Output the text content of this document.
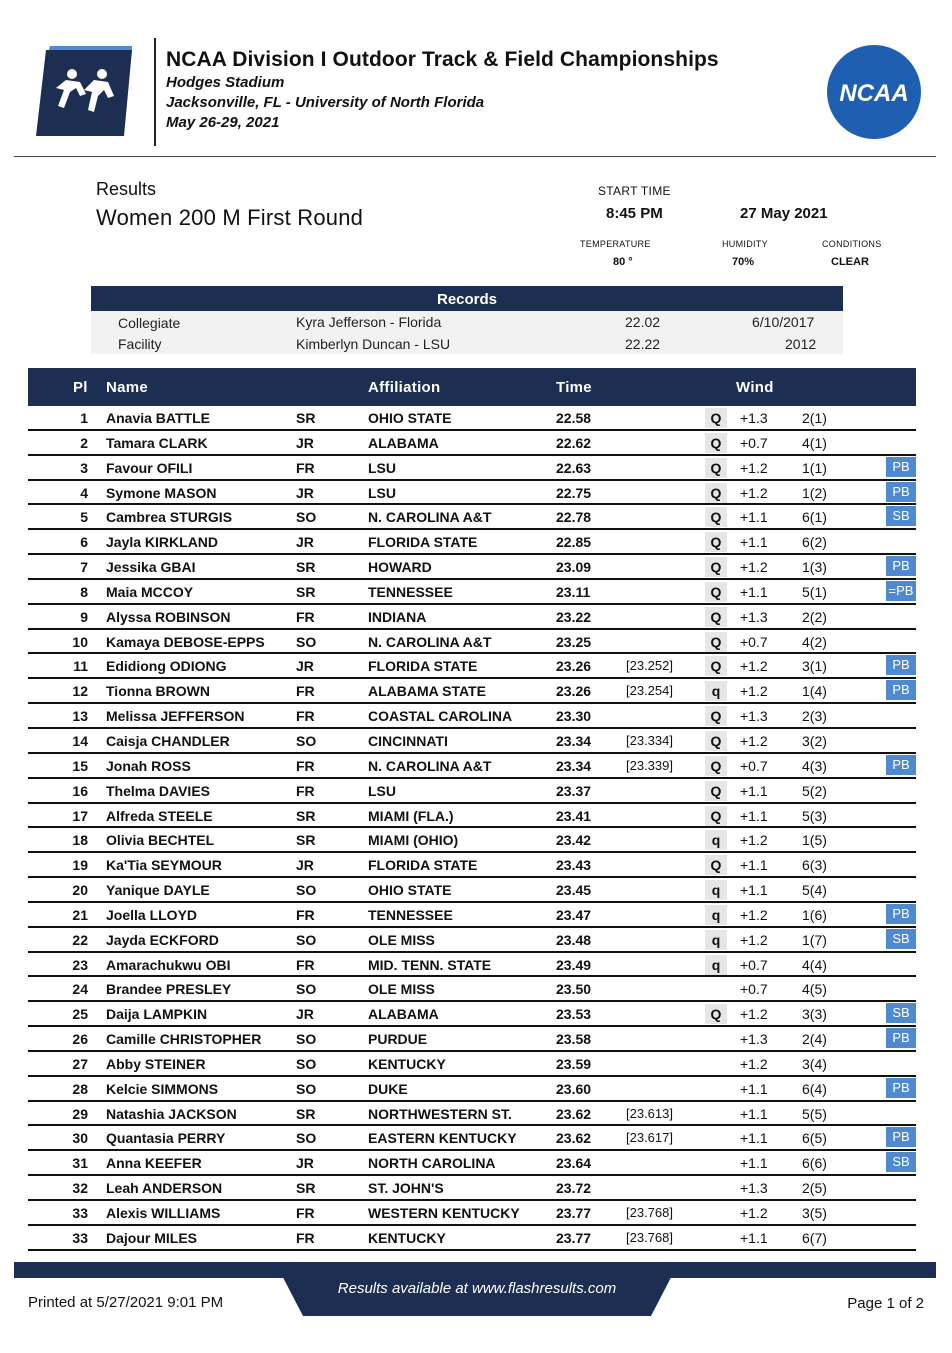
NCAA Division I Outdoor Track & Field Championships
Hodges Stadium
Jacksonville, FL - University of North Florida
May 26-29, 2021
NCAA
Results
Women 200 M First Round
START TIME
8:45 PM	27 May 2021
TEMPERATURE
80 °
HUMIDITY
70%
CONDITIONS
CLEAR
Records
Collegiate	Kyra Jefferson - Florida	22.02	6/10/2017
Facility	Kimberlyn Duncan - LSU	22.22	2012
Pl Name	Affiliation	Time	Wind
1 Anavia BATTLE	SR	OHIO STATE	22.58	Q	+1.3 2(1)
2 Tamara CLARK	JR	ALABAMA	22.62	Q	+0.7 4(1)
3 Favour OFILI	FR	LSU	22.63	Q	+1.2 1(1)	PB
4 Symone MASON	JR	LSU	22.75	Q	+1.2 1(2)	PB
5 Cambrea STURGIS	SO	N. CAROLINA A&T	22.78	Q	+1.1 6(1)	SB
6 Jayla KIRKLAND	JR	FLORIDA STATE	22.85	Q	+1.1 6(2)
7 Jessika GBAI	SR	HOWARD	23.09	Q	+1.2 1(3)	PB
8 Maia MCCOY	SR	TENNESSEE	23.11	Q	+1.1 5(1)	=PB
9 Alyssa ROBINSON	FR	INDIANA	23.22	Q	+1.3 2(2)
10 Kamaya DEBOSE-EPPS SO	N. CAROLINA A&T	23.25	Q	+0.7 4(2)
11 Edidiong ODIONG	JR	FLORIDA STATE	23.26	[23.252]	Q	+1.2 3(1)	PB
12 Tionna BROWN	FR	ALABAMA STATE	23.26	[23.254]	q	+1.2 1(4)	PB
13 Melissa JEFFERSON	FR	COASTAL CAROLINA	23.30	Q	+1.3 2(3)
14 Caisja CHANDLER	SO	CINCINNATI	23.34	[23.334]	Q	+1.2 3(2)
15 Jonah ROSS	FR	N. CAROLINA A&T	23.34	[23.339]	Q	+0.7 4(3)	PB
16 Thelma DAVIES	FR	LSU	23.37	Q	+1.1 5(2)
17 Alfreda STEELE	SR	MIAMI (FLA.)	23.41	Q	+1.1 5(3)
18 Olivia BECHTEL	SR	MIAMI (OHIO)	23.42	q	+1.2 1(5)
19 Ka'Tia SEYMOUR	JR	FLORIDA STATE	23.43	Q	+1.1 6(3)
20 Yanique DAYLE	SO	OHIO STATE	23.45	q	+1.1 5(4)
21 Joella LLOYD	FR	TENNESSEE	23.47	q	+1.2 1(6)	PB
22 Jayda ECKFORD	SO	OLE MISS	23.48	q	+1.2 1(7)	SB
23 Amarachukwu OBI	FR	MID. TENN. STATE	23.49	q	+0.7 4(4)
24 Brandee PRESLEY	SO	OLE MISS	23.50	+0.7 4(5)
25 Daija LAMPKIN	JR	ALABAMA	23.53	Q	+1.2 3(3)	SB
26 Camille CHRISTOPHER SO	PURDUE	23.58	+1.3 2(4)	PB
27 Abby STEINER	SO	KENTUCKY	23.59	+1.2 3(4)
28 Kelcie SIMMONS	SO	DUKE	23.60	+1.1 6(4)	PB
29 Natashia JACKSON	SR	NORTHWESTERN ST.	23.62	[23.613]	+1.1 5(5)
30 Quantasia PERRY	SO	EASTERN KENTUCKY	23.62	[23.617]	+1.1 6(5)	PB
31 Anna KEEFER	JR	NORTH CAROLINA	23.64	+1.1 6(6)	SB
32 Leah ANDERSON	SR	ST. JOHN'S	23.72	+1.3 2(5)
33 Alexis WILLIAMS	FR	WESTERN KENTUCKY	23.77	[23.768]	+1.2 3(5)
33 Dajour MILES	FR	KENTUCKY	23.77	[23.768]	+1.1 6(7)
Results available at www.flashresults.com
Printed at 5/27/2021 9:01 PM	Page 1 of 2
